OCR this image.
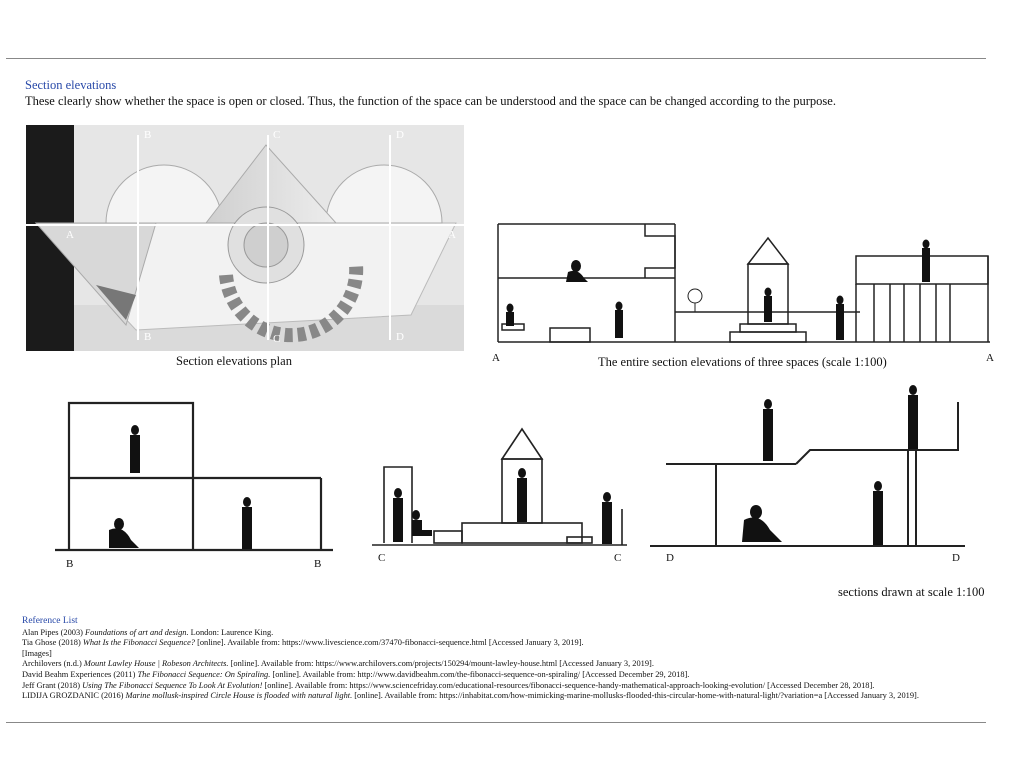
Section elevations
These clearly show whether the space is open or closed. Thus, the function of the space can be understood and the space can be changed according to the purpose.
B	C	D
A	A
B	C	D
Section elevations plan	A	A
The entire section elevations of three spaces (scale 1:100)
B	B	C	C	D	D
sections drawn at scale 1:100
Reference List
Alan Pipes (2003) Foundations of art and design. London: Laurence King.
Tia Ghose (2018) What Is the Fibonacci Sequence? [online]. Available from: https://www.livescience.com/37470-fibonacci-sequence.html [Accessed January 3, 2019].
[Images]
Archilovers (n.d.) Mount Lawley House | Robeson Architects. [online]. Available from: https://www.archilovers.com/projects/150294/mount-lawley-house.html [Accessed January 3, 2019].
David Beahm Experiences (2011) The Fibonacci Sequence: On Spiraling. [online]. Available from: http://www.davidbeahm.com/the-fibonacci-sequence-on-spiraling/ [Accessed December 29, 2018].
Jeff Grant (2018) Using The Fibonacci Sequence To Look At Evolution! [online]. Available from: https://www.sciencefriday.com/educational-resources/fibonacci-sequence-handy-mathematical-approach-looking-evolution/ [Accessed December 28, 2018].
LIDIJA GROZDANIC (2016) Marine mollusk-inspired Circle House is flooded with natural light. [online]. Available from: https://inhabitat.com/how-mimicking-marine-mollusks-flooded-this-circular-home-with-natural-light/?variation=a [Accessed January 3, 2019].
